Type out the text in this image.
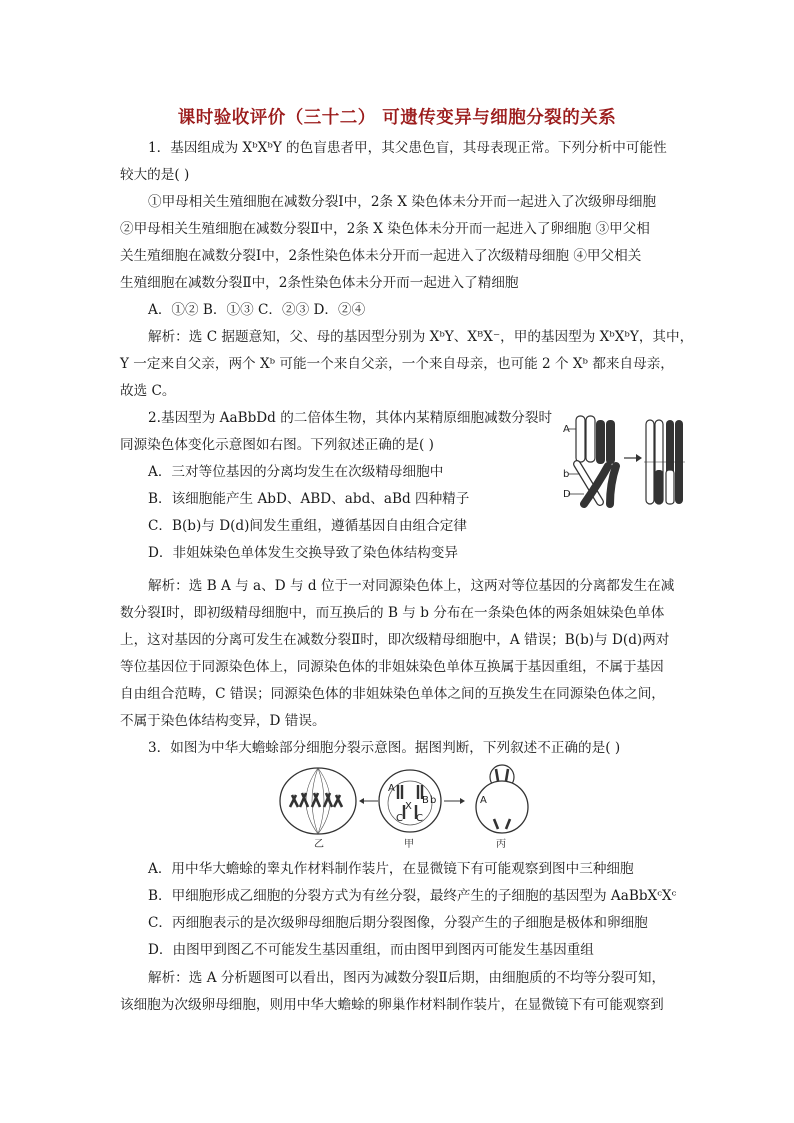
课时验收评价（三十二） 可遗传变异与细胞分裂的关系
1．基因组成为 XᵇXᵇY 的色盲患者甲，其父患色盲，其母表现正常。下列分析中可能性
较大的是( )
①甲母相关生殖细胞在减数分裂Ⅰ中，2条 X 染色体未分开而一起进入了次级卵母细胞
②甲母相关生殖细胞在减数分裂Ⅱ中，2条 X 染色体未分开而一起进入了卵细胞 ③甲父相
关生殖细胞在减数分裂Ⅰ中，2条性染色体未分开而一起进入了次级精母细胞 ④甲父相关
生殖细胞在减数分裂Ⅱ中，2条性染色体未分开而一起进入了精细胞
A．①② B．①③ C．②③ D．②④
解析：选 C 据题意知，父、母的基因型分别为 XᵇY、XᴮX⁻，甲的基因型为 XᵇXᵇY，其中，
Y 一定来自父亲，两个 Xᵇ 可能一个来自父亲，一个来自母亲，也可能 2 个 Xᵇ 都来自母亲，
故选 C。
2.基因型为 AaBbDd 的二倍体生物，其体内某精原细胞减数分裂时
同源染色体变化示意图如右图。下列叙述正确的是( )
A．三对等位基因的分离均发生在次级精母细胞中
B．该细胞能产生 AbD、ABD、abd、aBd 四种精子
C．B(b)与 D(d)间发生重组，遵循基因自由组合定律
D．非姐妹染色单体发生交换导致了染色体结构变异
A
b
D
解析：选 B A 与 a、D 与 d 位于一对同源染色体上，这两对等位基因的分离都发生在减
数分裂Ⅰ时，即初级精母细胞中，而互换后的 B 与 b 分布在一条染色体的两条姐妹染色单体
上，这对基因的分离可发生在减数分裂Ⅱ时，即次级精母细胞中，A 错误；B(b)与 D(d)两对
等位基因位于同源染色体上，同源染色体的非姐妹染色单体互换属于基因重组，不属于基因
自由组合范畴，C 错误；同源染色体的非姐妹染色单体之间的互换发生在同源染色体之间，
不属于染色体结构变异，D 错误。
3．如图为中华大蟾蜍部分细胞分裂示意图。据图判断，下列叙述不正确的是( )
乙
A
X
B b
C C
甲
A
丙
A．用中华大蟾蜍的睾丸作材料制作装片，在显微镜下有可能观察到图中三种细胞
B．甲细胞形成乙细胞的分裂方式为有丝分裂，最终产生的子细胞的基因型为 AaBbXᶜXᶜ
C．丙细胞表示的是次级卵母细胞后期分裂图像，分裂产生的子细胞是极体和卵细胞
D．由图甲到图乙不可能发生基因重组，而由图甲到图丙可能发生基因重组
解析：选 A 分析题图可以看出，图丙为减数分裂Ⅱ后期，由细胞质的不均等分裂可知，
该细胞为次级卵母细胞，则用中华大蟾蜍的卵巢作材料制作装片，在显微镜下有可能观察到
